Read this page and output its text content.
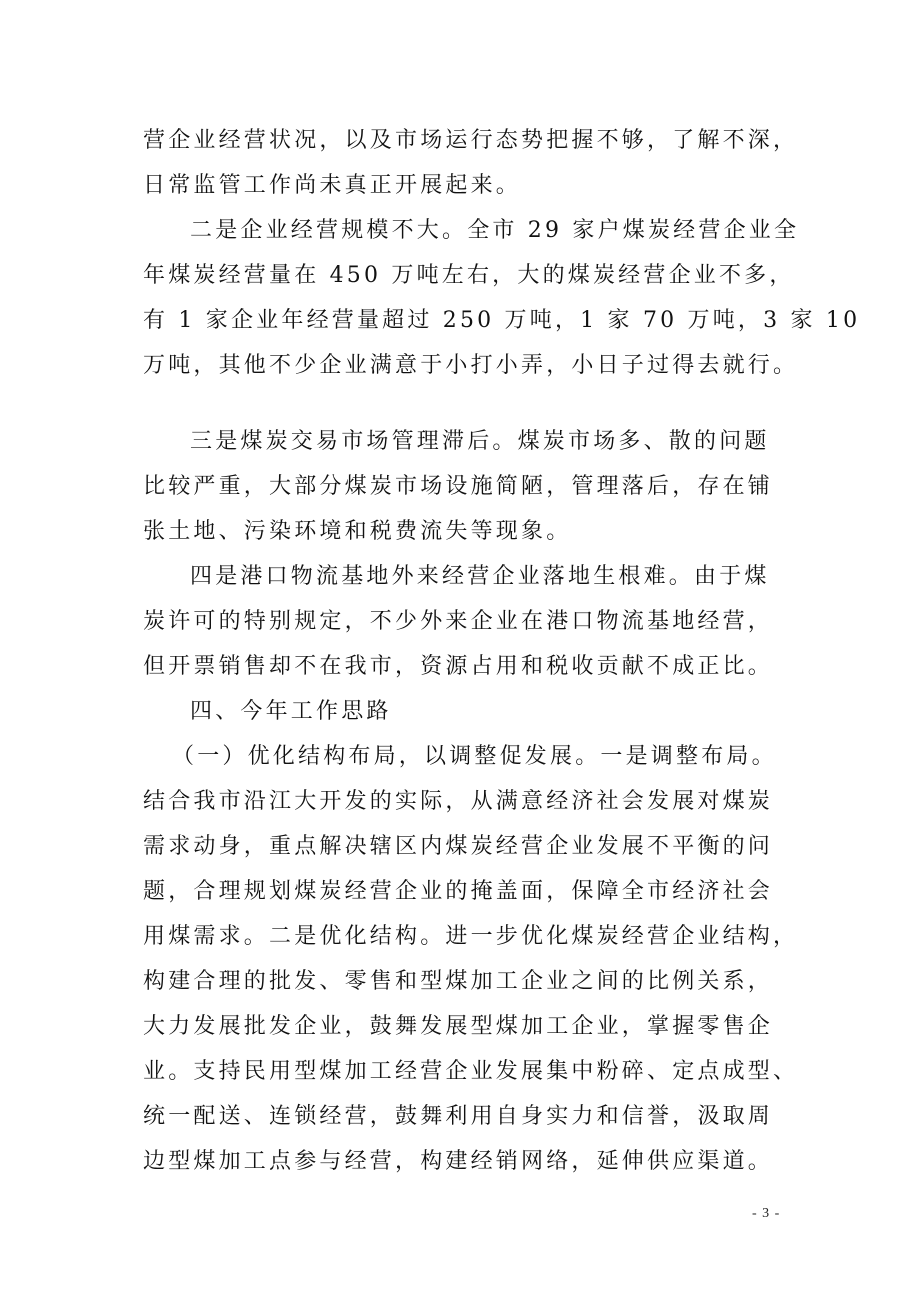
营企业经营状况，以及市场运行态势把握不够，了解不深，

日常监管工作尚未真正开展起来。

二是企业经营规模不大。全市 29 家户煤炭经营企业全

年煤炭经营量在 450 万吨左右，大的煤炭经营企业不多，

有 1 家企业年经营量超过 250 万吨，1 家 70 万吨，3 家 10

万吨，其他不少企业满意于小打小弄，小日子过得去就行。

三是煤炭交易市场管理滞后。煤炭市场多、散的问题

比较严重，大部分煤炭市场设施简陋，管理落后，存在铺

张土地、污染环境和税费流失等现象。

四是港口物流基地外来经营企业落地生根难。由于煤

炭许可的特别规定，不少外来企业在港口物流基地经营，

但开票销售却不在我市，资源占用和税收贡献不成正比。

四、今年工作思路

（一）优化结构布局，以调整促发展。一是调整布局。

结合我市沿江大开发的实际，从满意经济社会发展对煤炭

需求动身，重点解决辖区内煤炭经营企业发展不平衡的问

题，合理规划煤炭经营企业的掩盖面，保障全市经济社会

用煤需求。二是优化结构。进一步优化煤炭经营企业结构，

构建合理的批发、零售和型煤加工企业之间的比例关系，

大力发展批发企业，鼓舞发展型煤加工企业，掌握零售企

业。支持民用型煤加工经营企业发展集中粉碎、定点成型、

统一配送、连锁经营，鼓舞利用自身实力和信誉，汲取周

边型煤加工点参与经营，构建经销网络，延伸供应渠道。

- 3 -
